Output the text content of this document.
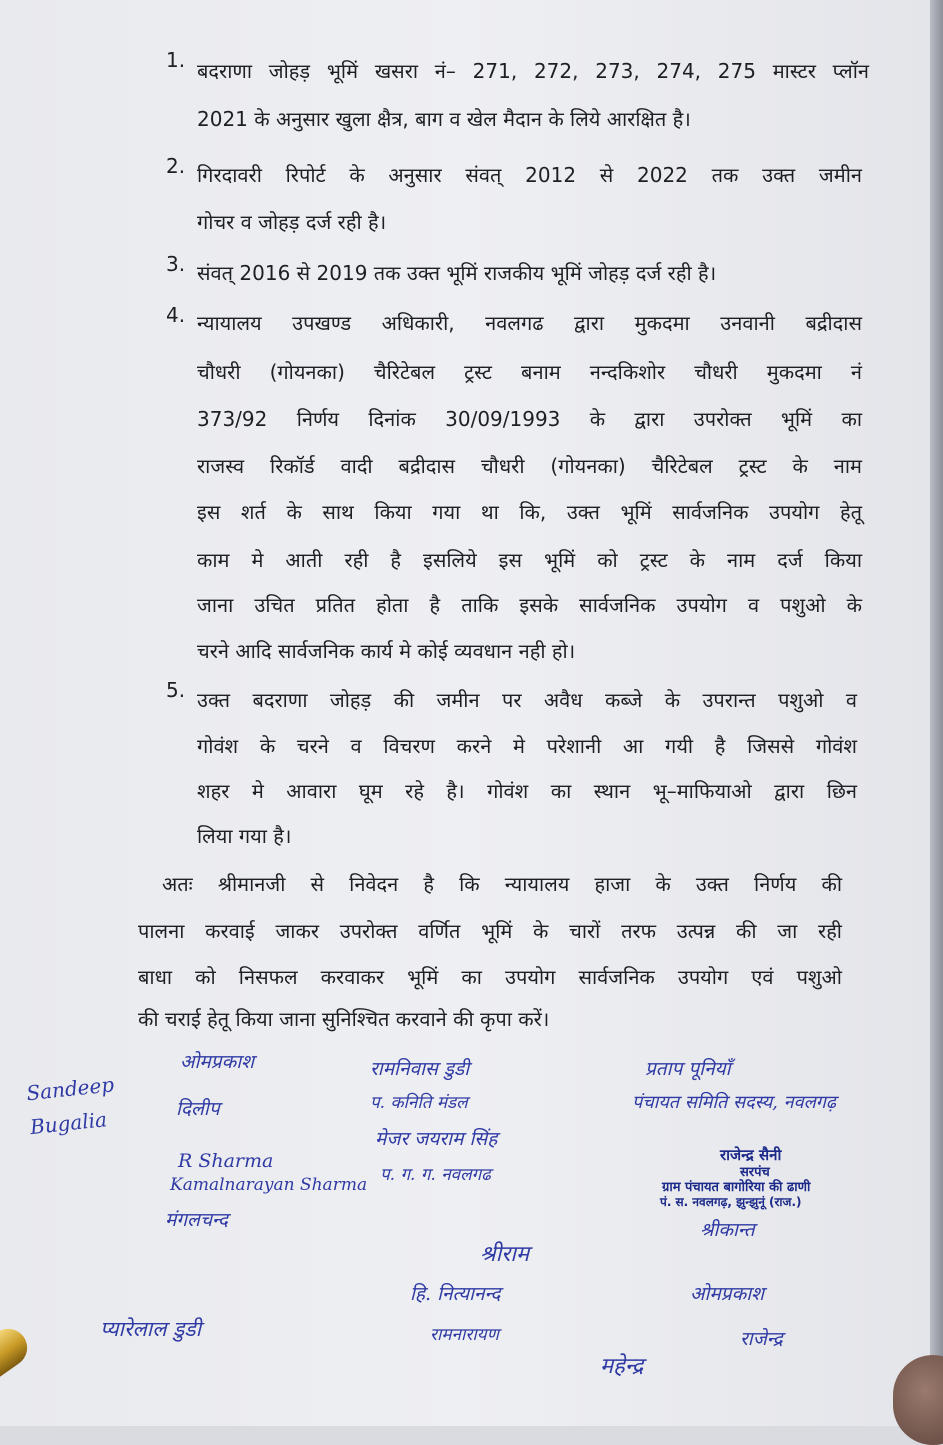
1. बदराणा जोहड़ भूमिं खसरा नं– 271, 272, 273, 274, 275 मास्टर प्लॉन
2021 के अनुसार खुला क्षैत्र, बाग व खेल मैदान के लिये आरक्षित है।
2. गिरदावरी रिपोर्ट के अनुसार संवत् 2012 से 2022 तक उक्त जमीन
गोचर व जोहड़ दर्ज रही है।
3. संवत् 2016 से 2019 तक उक्त भूमिं राजकीय भूमिं जोहड़ दर्ज रही है।
4. न्यायालय उपखण्ड अधिकारी, नवलगढ द्वारा मुकदमा उनवानी बद्रीदास
चौधरी (गोयनका) चैरिटेबल ट्रस्ट बनाम नन्दकिशोर चौधरी मुकदमा नं
373/92 निर्णय दिनांक 30/09/1993 के द्वारा उपरोक्त भूमिं का
राजस्व रिकॉर्ड वादी बद्रीदास चौधरी (गोयनका) चैरिटेबल ट्रस्ट के नाम
इस शर्त के साथ किया गया था कि, उक्त भूमिं सार्वजनिक उपयोग हेतू
काम मे आती रही है इसलिये इस भूमिं को ट्रस्ट के नाम दर्ज किया
जाना उचित प्रतित होता है ताकि इसके सार्वजनिक उपयोग व पशुओ के
चरने आदि सार्वजनिक कार्य मे कोई व्यवधान नही हो।
5. उक्त बदराणा जोहड़ की जमीन पर अवैध कब्जे के उपरान्त पशुओ व
गोवंश के चरने व विचरण करने मे परेशानी आ गयी है जिससे गोवंश
शहर मे आवारा घूम रहे है। गोवंश का स्थान भू–माफियाओ द्वारा छिन
लिया गया है।
अतः श्रीमानजी से निवेदन है कि न्यायालय हाजा के उक्त निर्णय की
पालना करवाई जाकर उपरोक्त वर्णित भूमिं के चारों तरफ उत्पन्न की जा रही
बाधा को निसफल करवाकर भूमिं का उपयोग सार्वजनिक उपयोग एवं पशुओ
की चराई हेतू किया जाना सुनिश्चित करवाने की कृपा करें।
Sandeep Bugalia
ओमप्रकाश
दिलीप
R Sharma
Kamalnarayan Sharma
मंगलचन्द
रामनिवास डुडी
प. कनिति मंडल
मेजर जयराम सिंह
प. ग. ग. नवलगढ
श्रीराम
हि. नित्यानन्द
रामनारायण
प्रताप पूनियाँ
पंचायत समिति सदस्य, नवलगढ़
श्रीकान्त
ओमप्रकाश
प्यारेलाल डुडी
महेन्द्र
राजेन्द्र
राजेन्द्र सैनी
सरपंच
ग्राम पंचायत बागोरिया की ढाणी
पं. स. नवलगढ़, झुन्झुनूं (राज.)
